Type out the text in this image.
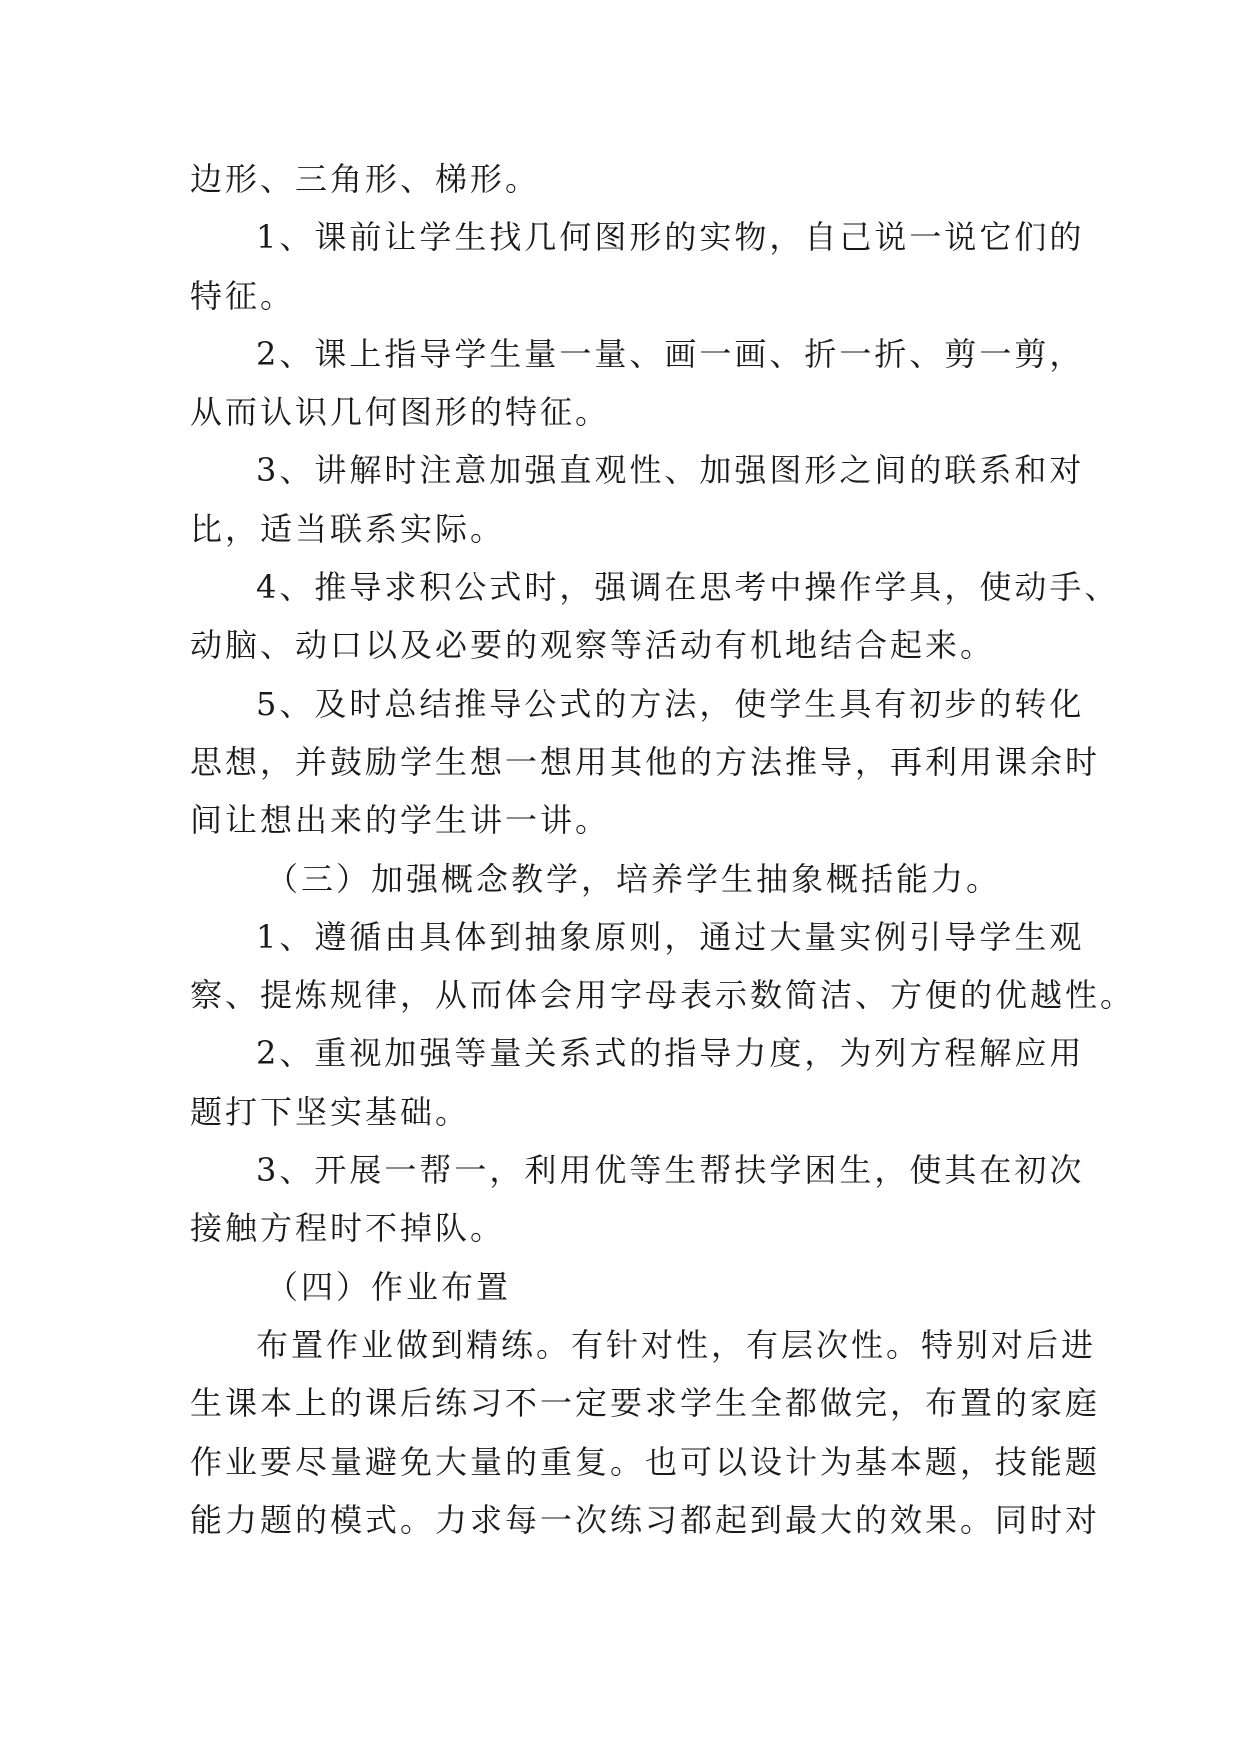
边形、三角形、梯形。
1、课前让学生找几何图形的实物，自己说一说它们的
特征。
2、课上指导学生量一量、画一画、折一折、剪一剪，
从而认识几何图形的特征。
3、讲解时注意加强直观性、加强图形之间的联系和对
比，适当联系实际。
4、推导求积公式时，强调在思考中操作学具，使动手、
动脑、动口以及必要的观察等活动有机地结合起来。
5、及时总结推导公式的方法，使学生具有初步的转化
思想，并鼓励学生想一想用其他的方法推导，再利用课余时
间让想出来的学生讲一讲。
（三）加强概念教学，培养学生抽象概括能力。
1、遵循由具体到抽象原则，通过大量实例引导学生观
察、提炼规律，从而体会用字母表示数简洁、方便的优越性。
2、重视加强等量关系式的指导力度，为列方程解应用
题打下坚实基础。
3、开展一帮一，利用优等生帮扶学困生，使其在初次
接触方程时不掉队。
（四）作业布置
布置作业做到精练。有针对性，有层次性。特别对后进
生课本上的课后练习不一定要求学生全都做完，布置的家庭
作业要尽量避免大量的重复。也可以设计为基本题，技能题
能力题的模式。力求每一次练习都起到最大的效果。同时对
